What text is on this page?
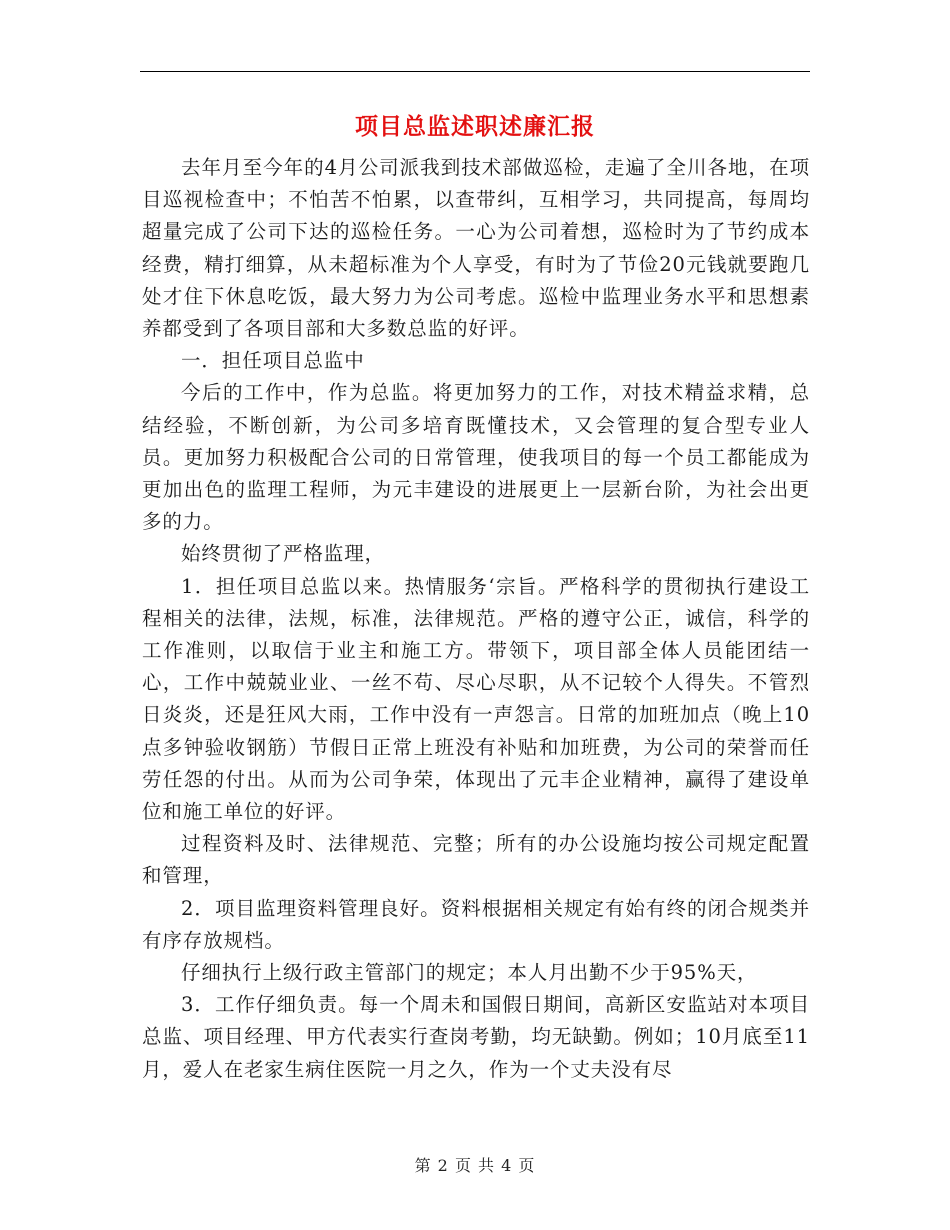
项目总监述职述廉汇报

去年月至今年的4月公司派我到技术部做巡检，走遍了全川各地，在项目巡视检查中；不怕苦不怕累，以查带纠，互相学习，共同提高，每周均超量完成了公司下达的巡检任务。一心为公司着想，巡检时为了节约成本经费，精打细算，从未超标准为个人享受，有时为了节俭20元钱就要跑几处才住下休息吃饭，最大努力为公司考虑。巡检中监理业务水平和思想素养都受到了各项目部和大多数总监的好评。

一．担任项目总监中

今后的工作中，作为总监。将更加努力的工作，对技术精益求精，总结经验，不断创新，为公司多培育既懂技术，又会管理的复合型专业人员。更加努力积极配合公司的日常管理，使我项目的每一个员工都能成为更加出色的监理工程师，为元丰建设的进展更上一层新台阶，为社会出更多的力。

始终贯彻了严格监理，

1．担任项目总监以来。热情服务‘宗旨。严格科学的贯彻执行建设工程相关的法律，法规，标准，法律规范。严格的遵守公正，诚信，科学的工作准则，以取信于业主和施工方。带领下，项目部全体人员能团结一心，工作中兢兢业业、一丝不苟、尽心尽职，从不记较个人得失。不管烈日炎炎，还是狂风大雨，工作中没有一声怨言。日常的加班加点（晚上10点多钟验收钢筋）节假日正常上班没有补贴和加班费，为公司的荣誉而任劳任怨的付出。从而为公司争荣，体现出了元丰企业精神，赢得了建设单位和施工单位的好评。

过程资料及时、法律规范、完整；所有的办公设施均按公司规定配置和管理，

2．项目监理资料管理良好。资料根据相关规定有始有终的闭合规类并有序存放规档。

仔细执行上级行政主管部门的规定；本人月出勤不少于95%天，

3．工作仔细负责。每一个周未和国假日期间，高新区安监站对本项目总监、项目经理、甲方代表实行查岗考勤，均无缺勤。例如；10月底至11月，爱人在老家生病住医院一月之久，作为一个丈夫没有尽

第 2 页 共 4 页
